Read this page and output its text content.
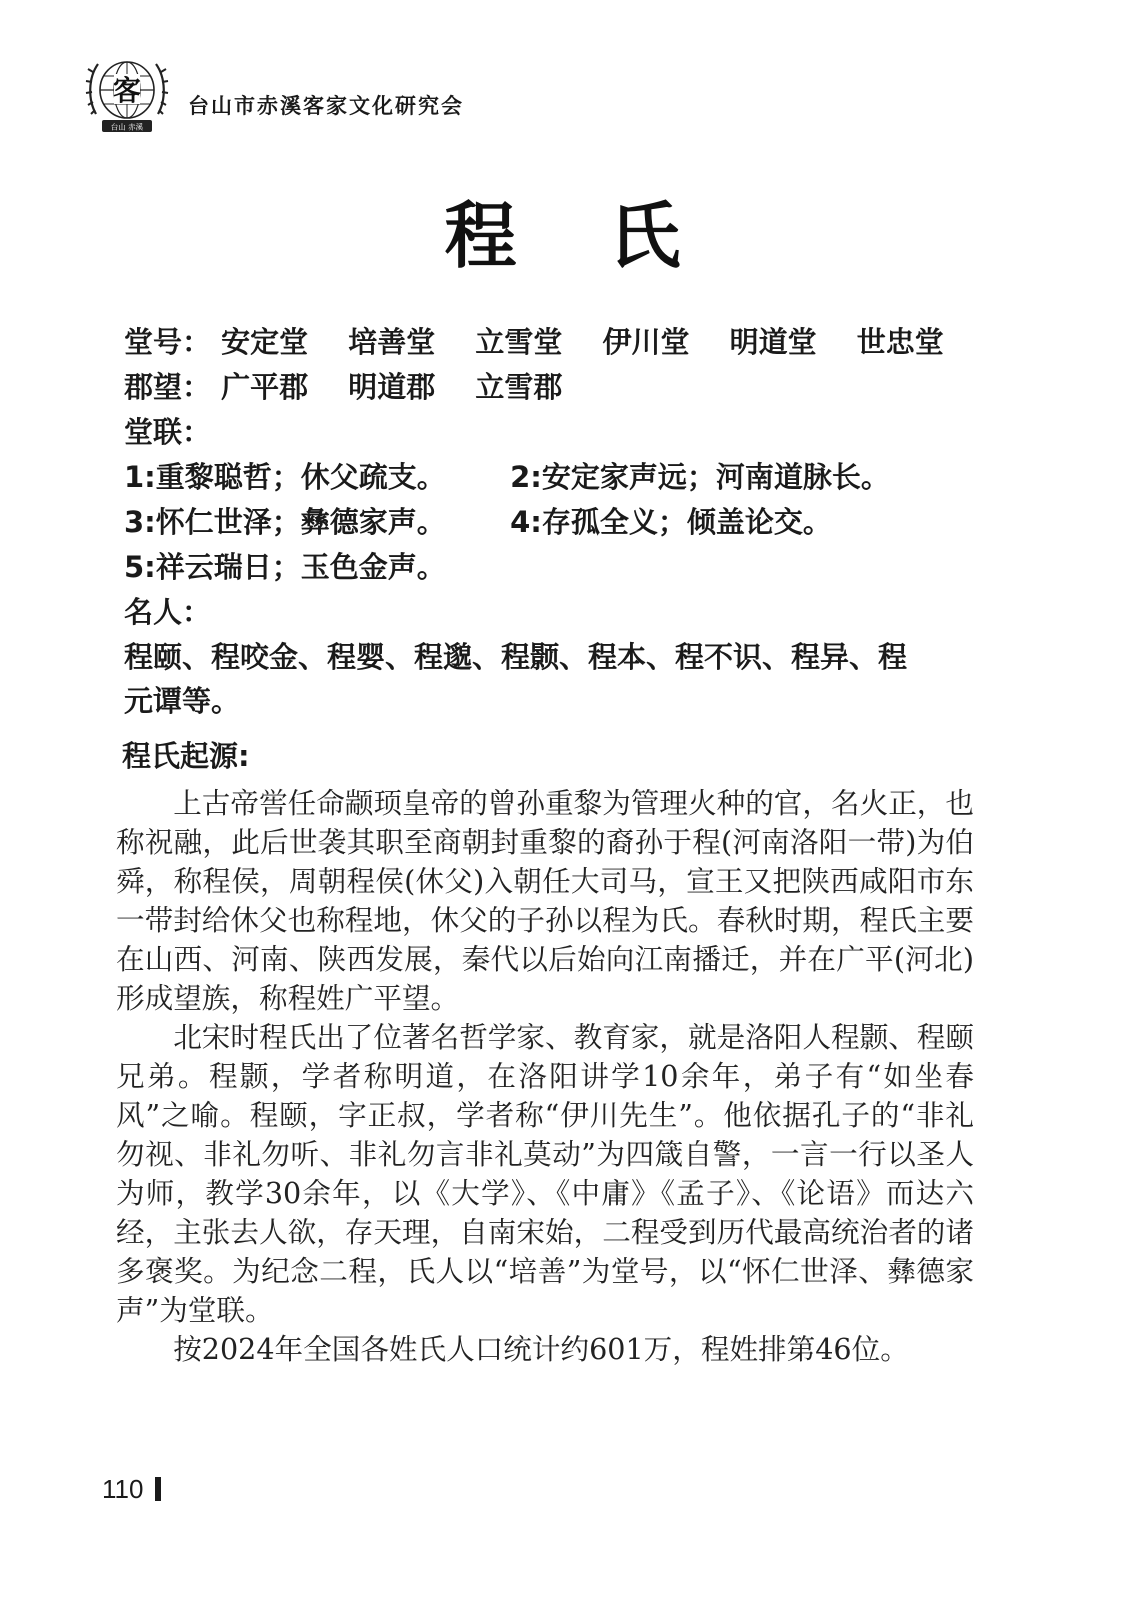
客
台山 赤溪
台山市赤溪客家文化研究会
程氏
堂号： 安定堂 培善堂 立雪堂 伊川堂 明道堂 世忠堂
郡望： 广平郡 明道郡 立雪郡
堂联：
1:重黎聪哲；休父疏支。 2:安定家声远；河南道脉长。
3:怀仁世泽；彝德家声。 4:存孤全义；倾盖论交。
5:祥云瑞日；玉色金声。
名人：
程颐、程咬金、程婴、程邈、程颢、程本、程不识、程异、程元谭等。
程氏起源:

上古帝喾任命颛顼皇帝的曾孙重黎为管理火种的官，名火正，也称祝融，此后世袭其职至商朝封重黎的裔孙于程(河南洛阳一带)为伯舜，称程侯，周朝程侯(休父)入朝任大司马，宣王又把陕西咸阳市东一带封给休父也称程地，休父的子孙以程为氏。春秋时期，程氏主要在山西、河南、陕西发展，秦代以后始向江南播迁，并在广平(河北)形成望族，称程姓广平望。

北宋时程氏出了位著名哲学家、教育家，就是洛阳人程颢、程颐兄弟。程颢，学者称明道，在洛阳讲学10余年，弟子有“如坐春风”之喻。程颐，字正叔，学者称“伊川先生”。他依据孔子的“非礼勿视、非礼勿听、非礼勿言非礼莫动”为四箴自警，一言一行以圣人为师，教学30余年，以《大学》、《中庸》《孟子》、《论语》而达六经，主张去人欲，存天理，自南宋始，二程受到历代最高统治者的诸多褒奖。为纪念二程，氏人以“培善”为堂号，以“怀仁世泽、彝德家声”为堂联。

按2024年全国各姓氏人口统计约601万，程姓排第46位。

110
